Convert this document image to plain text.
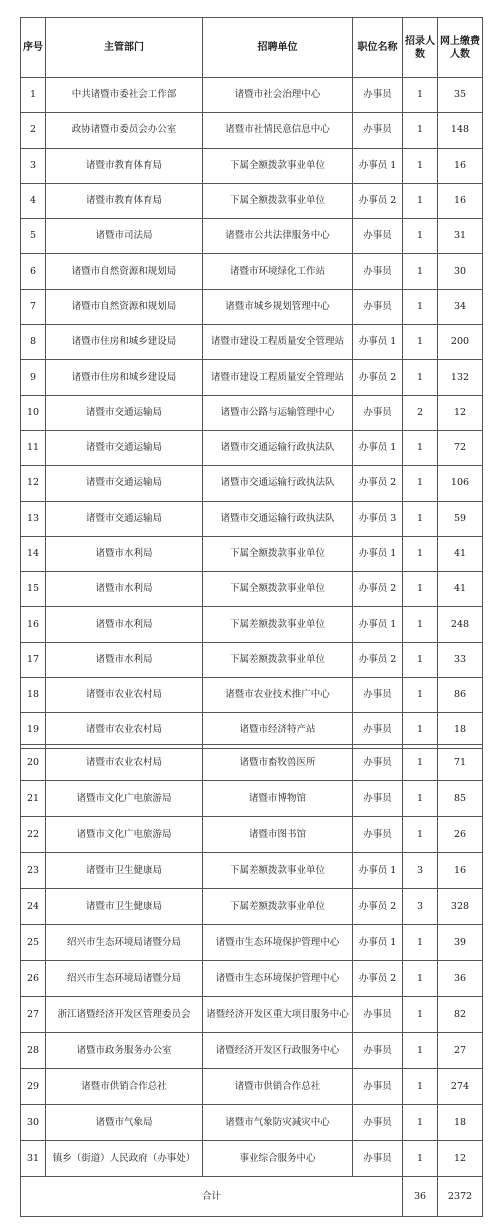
序号	主管部门	招聘单位	职位名称	招录人数	网上缴费人数
1	中共诸暨市委社会工作部	诸暨市社会治理中心	办事员	1	35
2	政协诸暨市委员会办公室	诸暨市社情民意信息中心	办事员	1	148
3	诸暨市教育体育局	下属全额拨款事业单位	办事员 1	1	16
4	诸暨市教育体育局	下属全额拨款事业单位	办事员 2	1	16
5	诸暨市司法局	诸暨市公共法律服务中心	办事员	1	31
6	诸暨市自然资源和规划局	诸暨市环境绿化工作站	办事员	1	30
7	诸暨市自然资源和规划局	诸暨市城乡规划管理中心	办事员	1	34
8	诸暨市住房和城乡建设局	诸暨市建设工程质量安全管理站	办事员 1	1	200
9	诸暨市住房和城乡建设局	诸暨市建设工程质量安全管理站	办事员 2	1	132
10	诸暨市交通运输局	诸暨市公路与运输管理中心	办事员	2	12
11	诸暨市交通运输局	诸暨市交通运输行政执法队	办事员 1	1	72
12	诸暨市交通运输局	诸暨市交通运输行政执法队	办事员 2	1	106
13	诸暨市交通运输局	诸暨市交通运输行政执法队	办事员 3	1	59
14	诸暨市水利局	下属全额拨款事业单位	办事员 1	1	41
15	诸暨市水利局	下属全额拨款事业单位	办事员 2	1	41
16	诸暨市水利局	下属差额拨款事业单位	办事员 1	1	248
17	诸暨市水利局	下属差额拨款事业单位	办事员 2	1	33
18	诸暨市农业农村局	诸暨市农业技术推广中心	办事员	1	86
19	诸暨市农业农村局	诸暨市经济特产站	办事员	1	18
20	诸暨市农业农村局	诸暨市畜牧兽医所	办事员	1	71
21	诸暨市文化广电旅游局	诸暨市博物馆	办事员	1	85
22	诸暨市文化广电旅游局	诸暨市图书馆	办事员	1	26
23	诸暨市卫生健康局	下属差额拨款事业单位	办事员 1	3	16
24	诸暨市卫生健康局	下属差额拨款事业单位	办事员 2	3	328
25	绍兴市生态环境局诸暨分局	诸暨市生态环境保护管理中心	办事员 1	1	39
26	绍兴市生态环境局诸暨分局	诸暨市生态环境保护管理中心	办事员 2	1	36
27	浙江诸暨经济开发区管理委员会	诸暨经济开发区重大项目服务中心	办事员	1	82
28	诸暨市政务服务办公室	诸暨经济开发区行政服务中心	办事员	1	27
29	诸暨市供销合作总社	诸暨市供销合作总社	办事员	1	274
30	诸暨市气象局	诸暨市气象防灾减灾中心	办事员	1	18
31	镇乡（街道）人民政府（办事处）	事业综合服务中心	办事员	1	12
合计				36	2372
